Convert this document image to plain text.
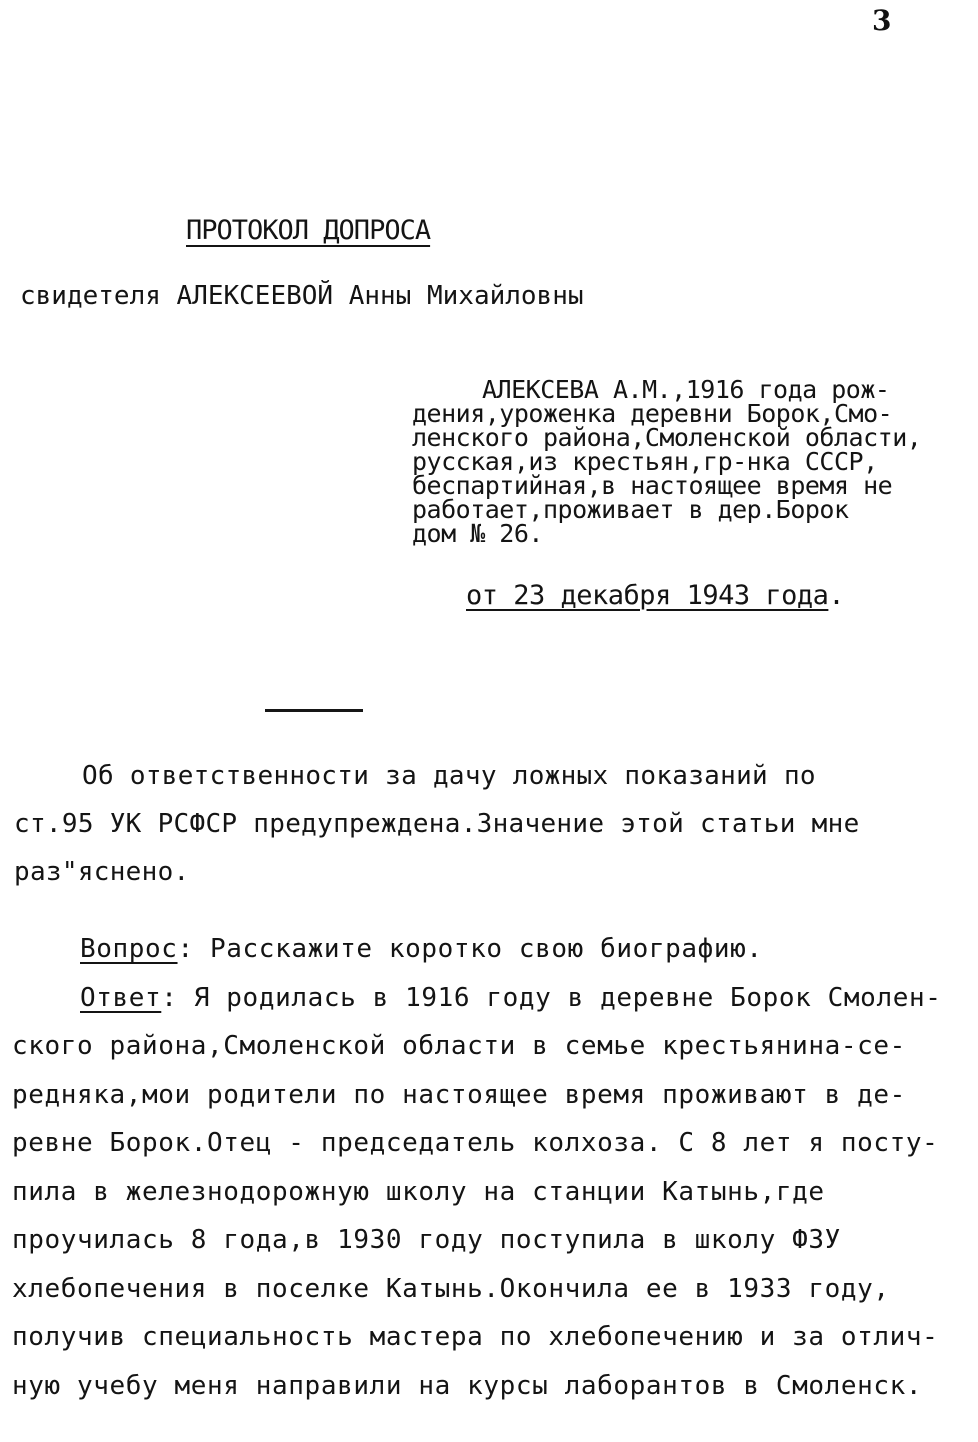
3
ПРОТОКОЛ ДОПРОСА
свидетеля АЛЕКСЕЕВОЙ Анны Михайловны
АЛЕКСЕВА А.М.,1916 года рож-
дения,уроженка деревни Борок,Смо-
ленского района,Смоленской области,
русская,из крестьян,гр-нка СССР,
беспартийная,в настоящее время не
работает,проживает в дер.Борок
дом № 26.
от 23 декабря 1943 года.
Об ответственности за дачу ложных показаний по
ст.95 УК РСФСР предупреждена.Значение этой статьи мне
раз"яснено.
Вопрос: Расскажите коротко свою биографию.
Ответ: Я родилась в 1916 году в деревне Борок Смолен-
ского района,Смоленской области в семье крестьянина-се-
редняка,мои родители по настоящее время проживают в де-
ревне Борок.Отец - председатель колхоза. С 8 лет я посту-
пила в железнодорожную школу на станции Катынь,где
проучилась 8 года,в 1930 году поступила в школу ФЗУ
хлебопечения в поселке Катынь.Окончила ее в 1933 году,
получив специальность мастера по хлебопечению и за отлич-
ную учебу меня направили на курсы лаборантов в Смоленск.
